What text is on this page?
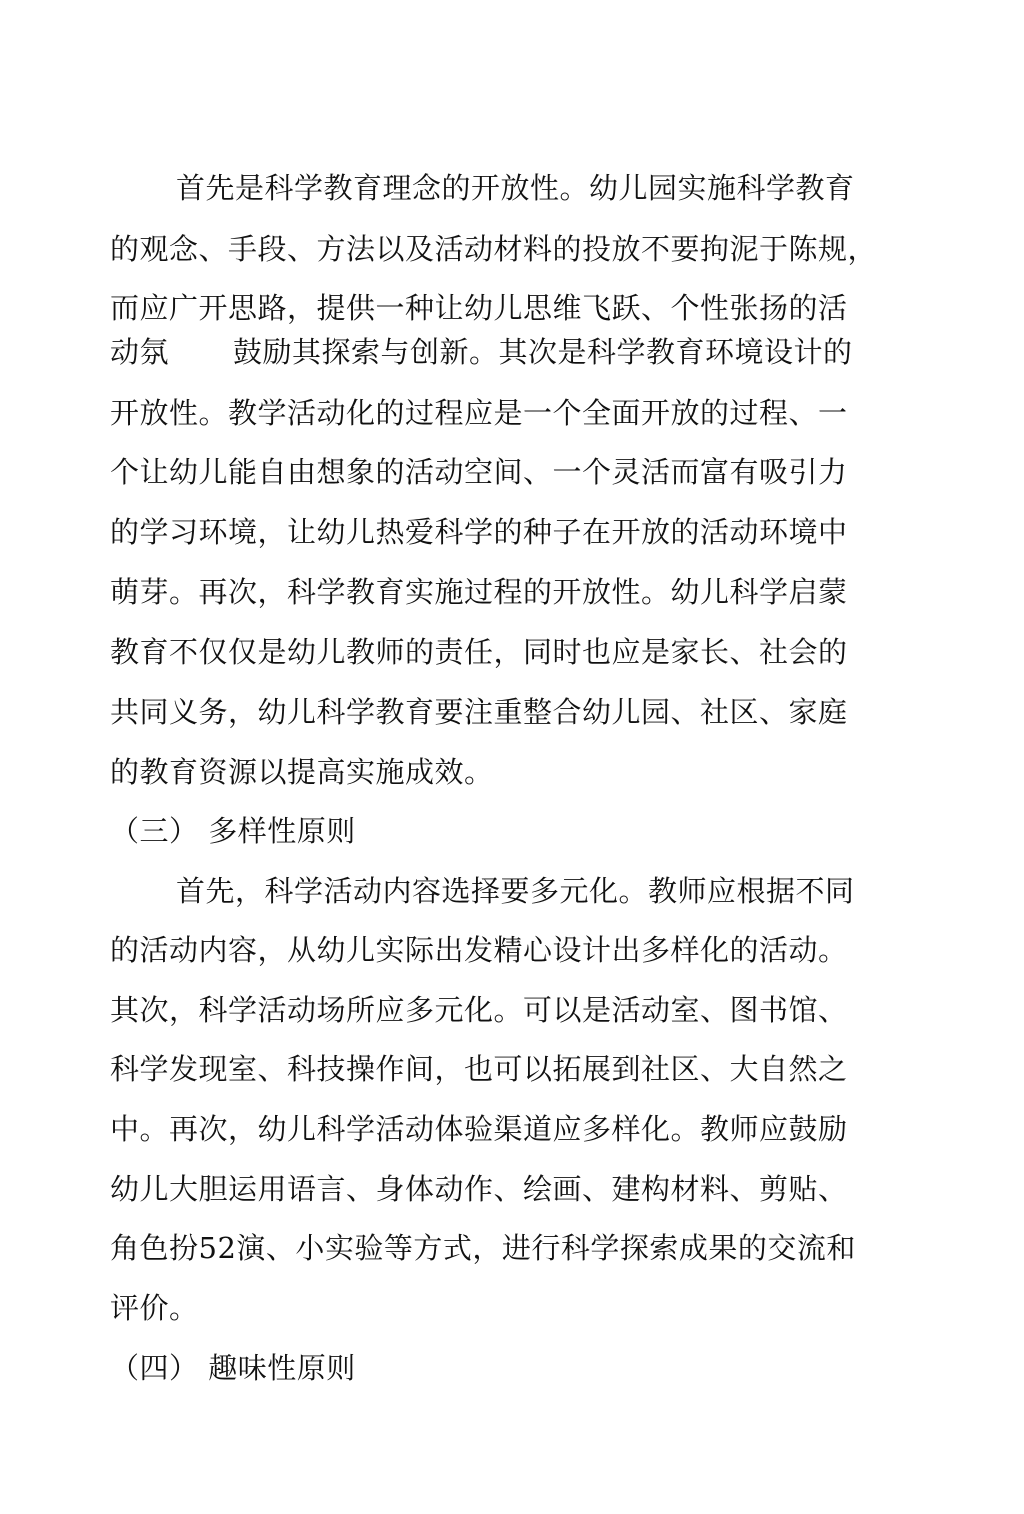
首先是科学教育理念的开放性。幼儿园实施科学教育
的观念、手段、方法以及活动材料的投放不要拘泥于陈规，
而应广开思路，提供一种让幼儿思维飞跃、个性张扬的活
动氛 鼓励其探索与创新。其次是科学教育环境设计的
开放性。教学活动化的过程应是一个全面开放的过程、一
个让幼儿能自由想象的活动空间、一个灵活而富有吸引力
的学习环境，让幼儿热爱科学的种子在开放的活动环境中
萌芽。再次，科学教育实施过程的开放性。幼儿科学启蒙
教育不仅仅是幼儿教师的责任，同时也应是家长、社会的
共同义务，幼儿科学教育要注重整合幼儿园、社区、家庭
的教育资源以提高实施成效。
（三） 多样性原则
首先，科学活动内容选择要多元化。教师应根据不同
的活动内容，从幼儿实际出发精心设计出多样化的活动。
其次，科学活动场所应多元化。可以是活动室、图书馆、
科学发现室、科技操作间，也可以拓展到社区、大自然之
中。再次，幼儿科学活动体验渠道应多样化。教师应鼓励
幼儿大胆运用语言、身体动作、绘画、建构材料、剪贴、
角色扮52演、小实验等方式，进行科学探索成果的交流和
评价。
（四） 趣味性原则
